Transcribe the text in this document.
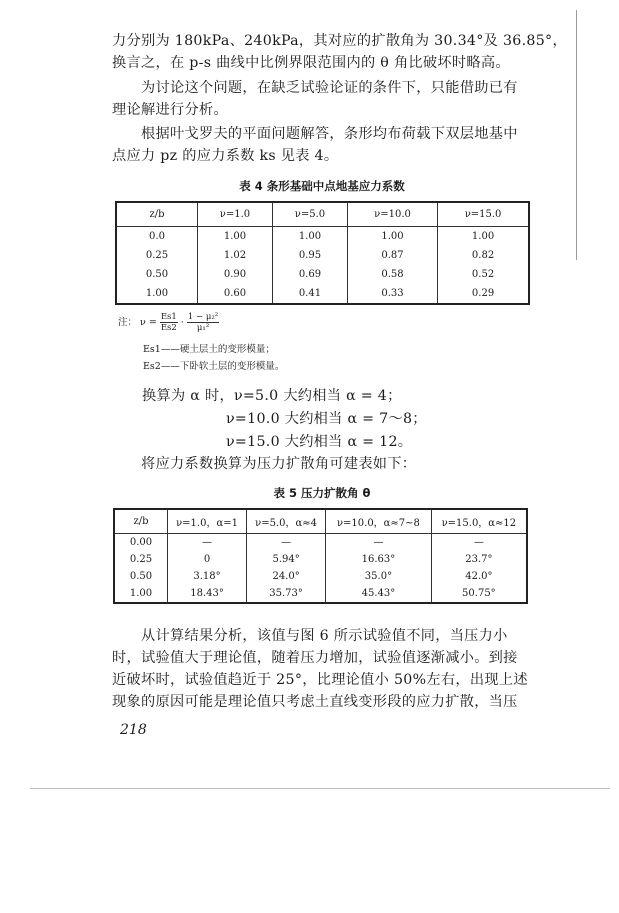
力分别为 180kPa、240kPa，其对应的扩散角为 30.34°及 36.85°，
换言之，在 p-s 曲线中比例界限范围内的 θ 角比破坏时略高。

为讨论这个问题，在缺乏试验论证的条件下，只能借助已有
理论解进行分析。

根据叶戈罗夫的平面问题解答，条形均布荷载下双层地基中
点应力 pz 的应力系数 ks 见表 4。

表 4 条形基础中点地基应力系数
z/b	ν=1.0	ν=5.0	ν=10.0	ν=15.0
0.0	1.00	1.00	1.00	1.00
0.25	1.02	0.95	0.87	0.82
0.50	0.90	0.69	0.58	0.52
1.00	0.60	0.41	0.33	0.29
注： $\nu = \frac{Es1}{Es2} \cdot \frac{\text{1 − μ₂²}}{\text{μ₁²}}$
Es1——硬土层土的变形模量；
Es2——下卧软土层的变形模量。
换算为 α 时，ν=5.0 大约相当 α = 4；
ν=10.0 大约相当 α = 7～8；
ν=15.0 大约相当 α = 12。

将应力系数换算为压力扩散角可建表如下：

表 5 压力扩散角 θ
z/b	ν=1.0，α=1	ν=5.0，α≈4	ν=10.0，α≈7~8	ν=15.0，α≈12
0.00	—	—	—	—
0.25	0	5.94°	16.63°	23.7°
0.50	3.18°	24.0°	35.0°	42.0°
1.00	18.43°	35.73°	45.43°	50.75°

从计算结果分析，该值与图 6 所示试验值不同，当压力小
时，试验值大于理论值，随着压力增加，试验值逐渐减小。到接
近破坏时，试验值趋近于 25°，比理论值小 50%左右，出现上述
现象的原因可能是理论值只考虑土直线变形段的应力扩散，当压

218
